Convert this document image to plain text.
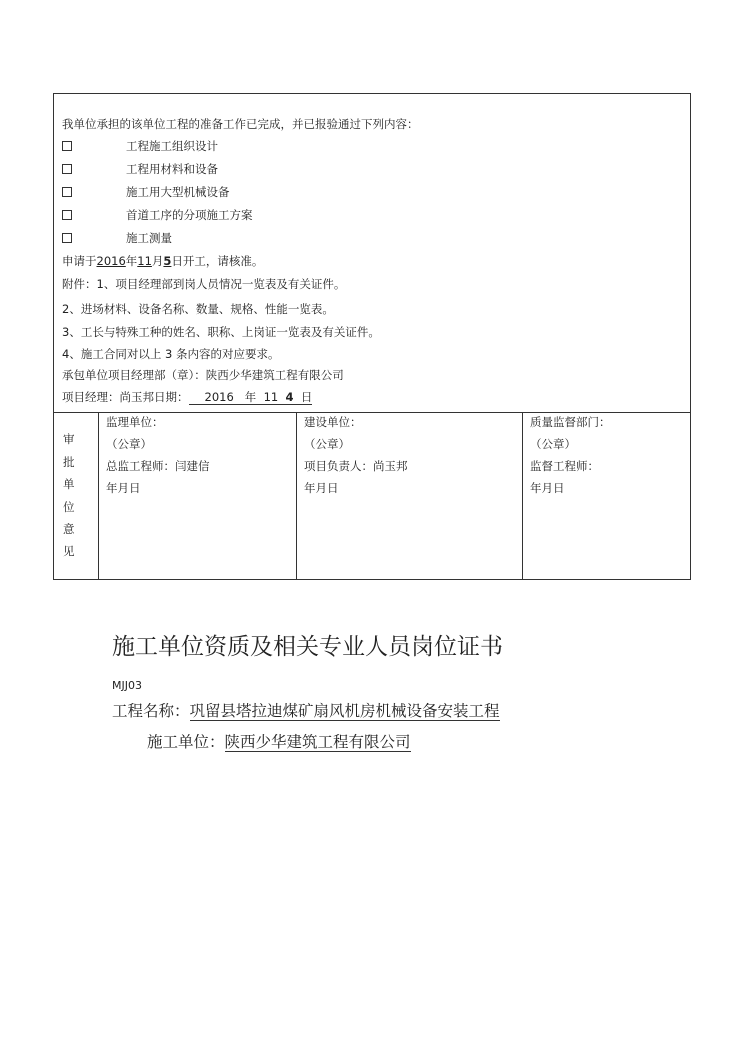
我单位承担的该单位工程的准备工作已完成，并已报验通过下列内容：
工程施工组织设计
工程用材料和设备
施工用大型机械设备
首道工序的分项施工方案
施工测量
申请于2016年11月5日开工，请核准。
附件：1、项目经理部到岗人员情况一览表及有关证件。
2、进场材料、设备名称、数量、规格、性能一览表。
3、工长与特殊工种的姓名、职称、上岗证一览表及有关证件。
4、施工合同对以上 3 条内容的对应要求。
承包单位项目经理部（章）：陕西少华建筑工程有限公司
项目经理：尚玉邦日期： 2016 年 11 4 日
审
批
单
位
意
见
监理单位：
（公章）
总监工程师：闫建信
年月日
建设单位：
（公章）
项目负责人：尚玉邦
年月日
质量监督部门：
（公章）
监督工程师：
年月日
施工单位资质及相关专业人员岗位证书
MJJ03
工程名称：巩留县塔拉迪煤矿扇风机房机械设备安装工程
施工单位：陕西少华建筑工程有限公司
